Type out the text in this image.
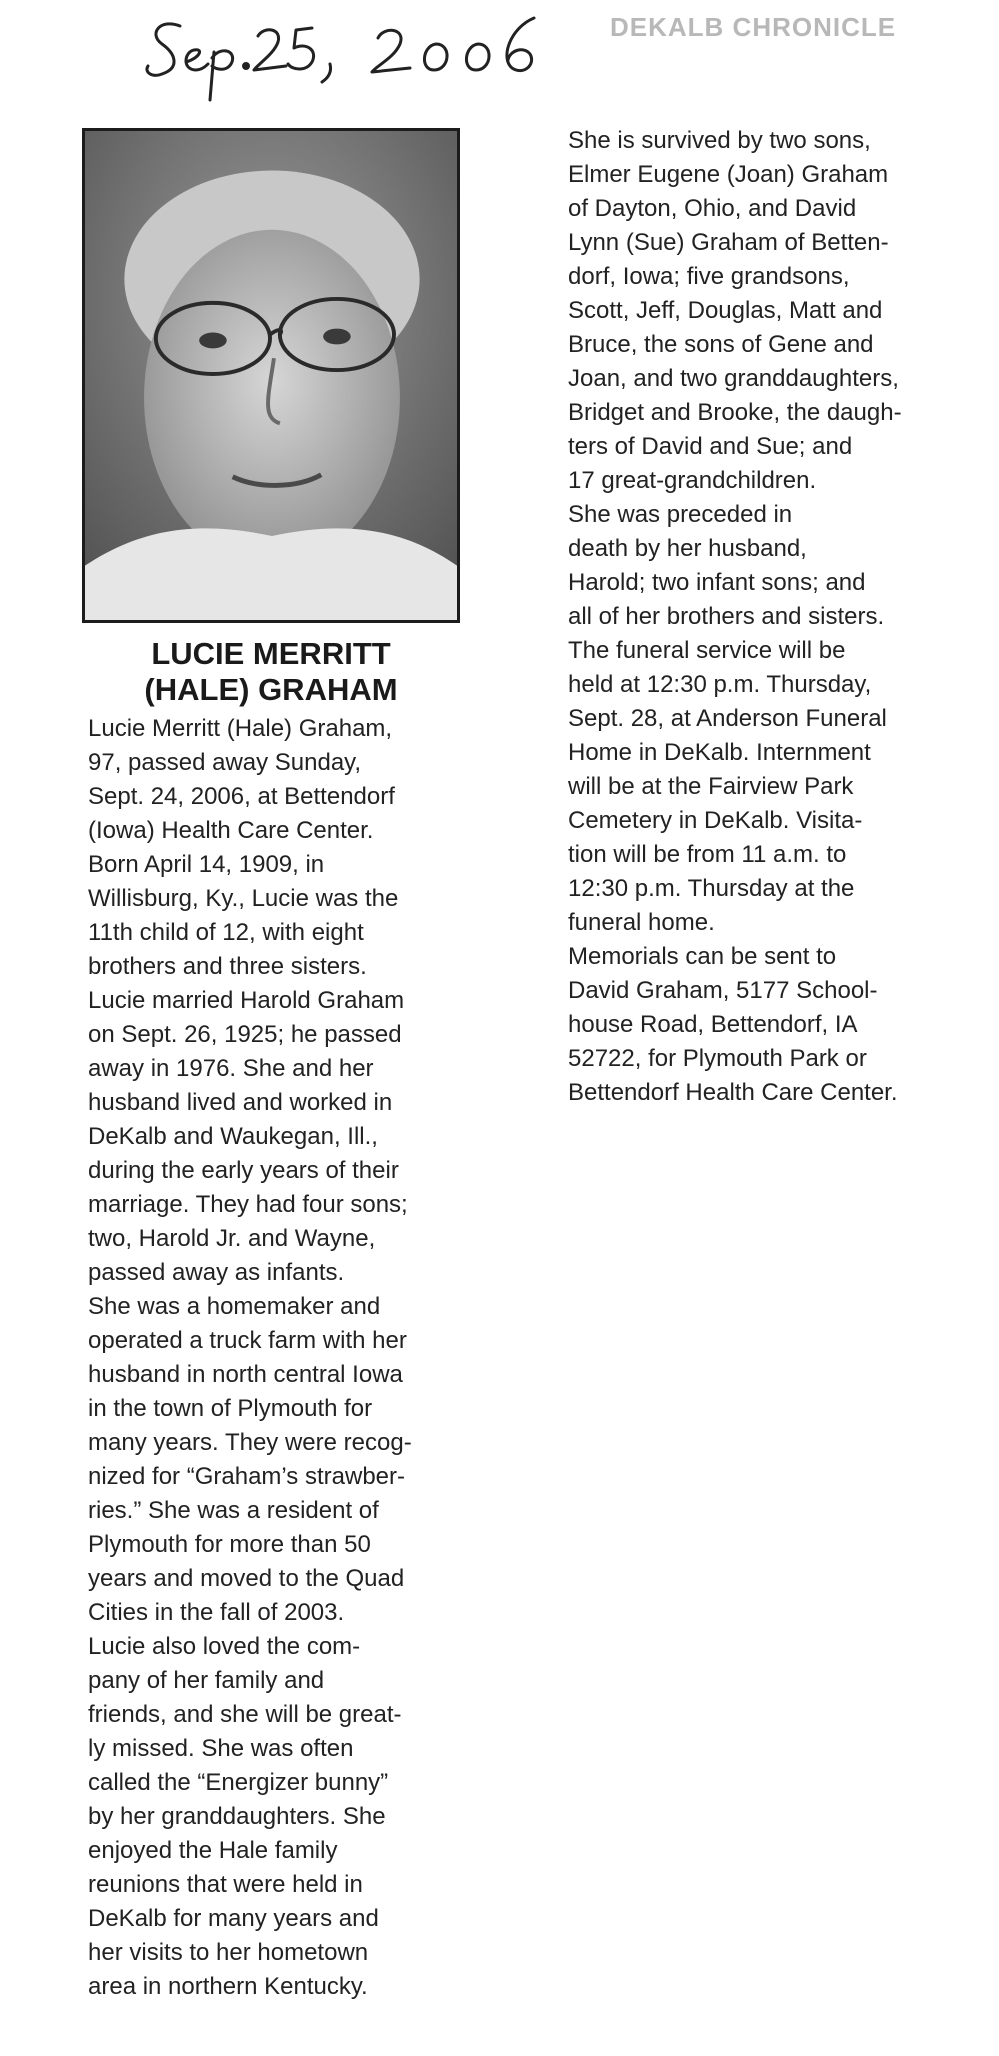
DEKALB CHRONICLE
LUCIE MERRITT
(HALE) GRAHAM

Lucie Merritt (Hale) Graham,
97, passed away Sunday,
Sept. 24, 2006, at Bettendorf
(Iowa) Health Care Center.

Born April 14, 1909, in
Willisburg, Ky., Lucie was the
11th child of 12, with eight
brothers and three sisters.
Lucie married Harold Graham
on Sept. 26, 1925; he passed
away in 1976. She and her
husband lived and worked in
DeKalb and Waukegan, Ill.,
during the early years of their
marriage. They had four sons;
two, Harold Jr. and Wayne,
passed away as infants.

She was a homemaker and
operated a truck farm with her
husband in north central Iowa
in the town of Plymouth for
many years. They were recog-
nized for “Graham’s strawber-
ries.” She was a resident of
Plymouth for more than 50
years and moved to the Quad
Cities in the fall of 2003.

Lucie also loved the com-
pany of her family and
friends, and she will be great-
ly missed. She was often
called the “Energizer bunny”
by her granddaughters. She
enjoyed the Hale family
reunions that were held in
DeKalb for many years and
her visits to her hometown
area in northern Kentucky.

She is survived by two sons,
Elmer Eugene (Joan) Graham
of Dayton, Ohio, and David
Lynn (Sue) Graham of Betten-
dorf, Iowa; five grandsons,
Scott, Jeff, Douglas, Matt and
Bruce, the sons of Gene and
Joan, and two granddaughters,
Bridget and Brooke, the daugh-
ters of David and Sue; and
17 great-grandchildren.

She was preceded in
death by her husband,
Harold; two infant sons; and
all of her brothers and sisters.

The funeral service will be
held at 12:30 p.m. Thursday,
Sept. 28, at Anderson Funeral
Home in DeKalb. Internment
will be at the Fairview Park
Cemetery in DeKalb. Visita-
tion will be from 11 a.m. to
12:30 p.m. Thursday at the
funeral home.

Memorials can be sent to
David Graham, 5177 School-
house Road, Bettendorf, IA
52722, for Plymouth Park or
Bettendorf Health Care Center.
